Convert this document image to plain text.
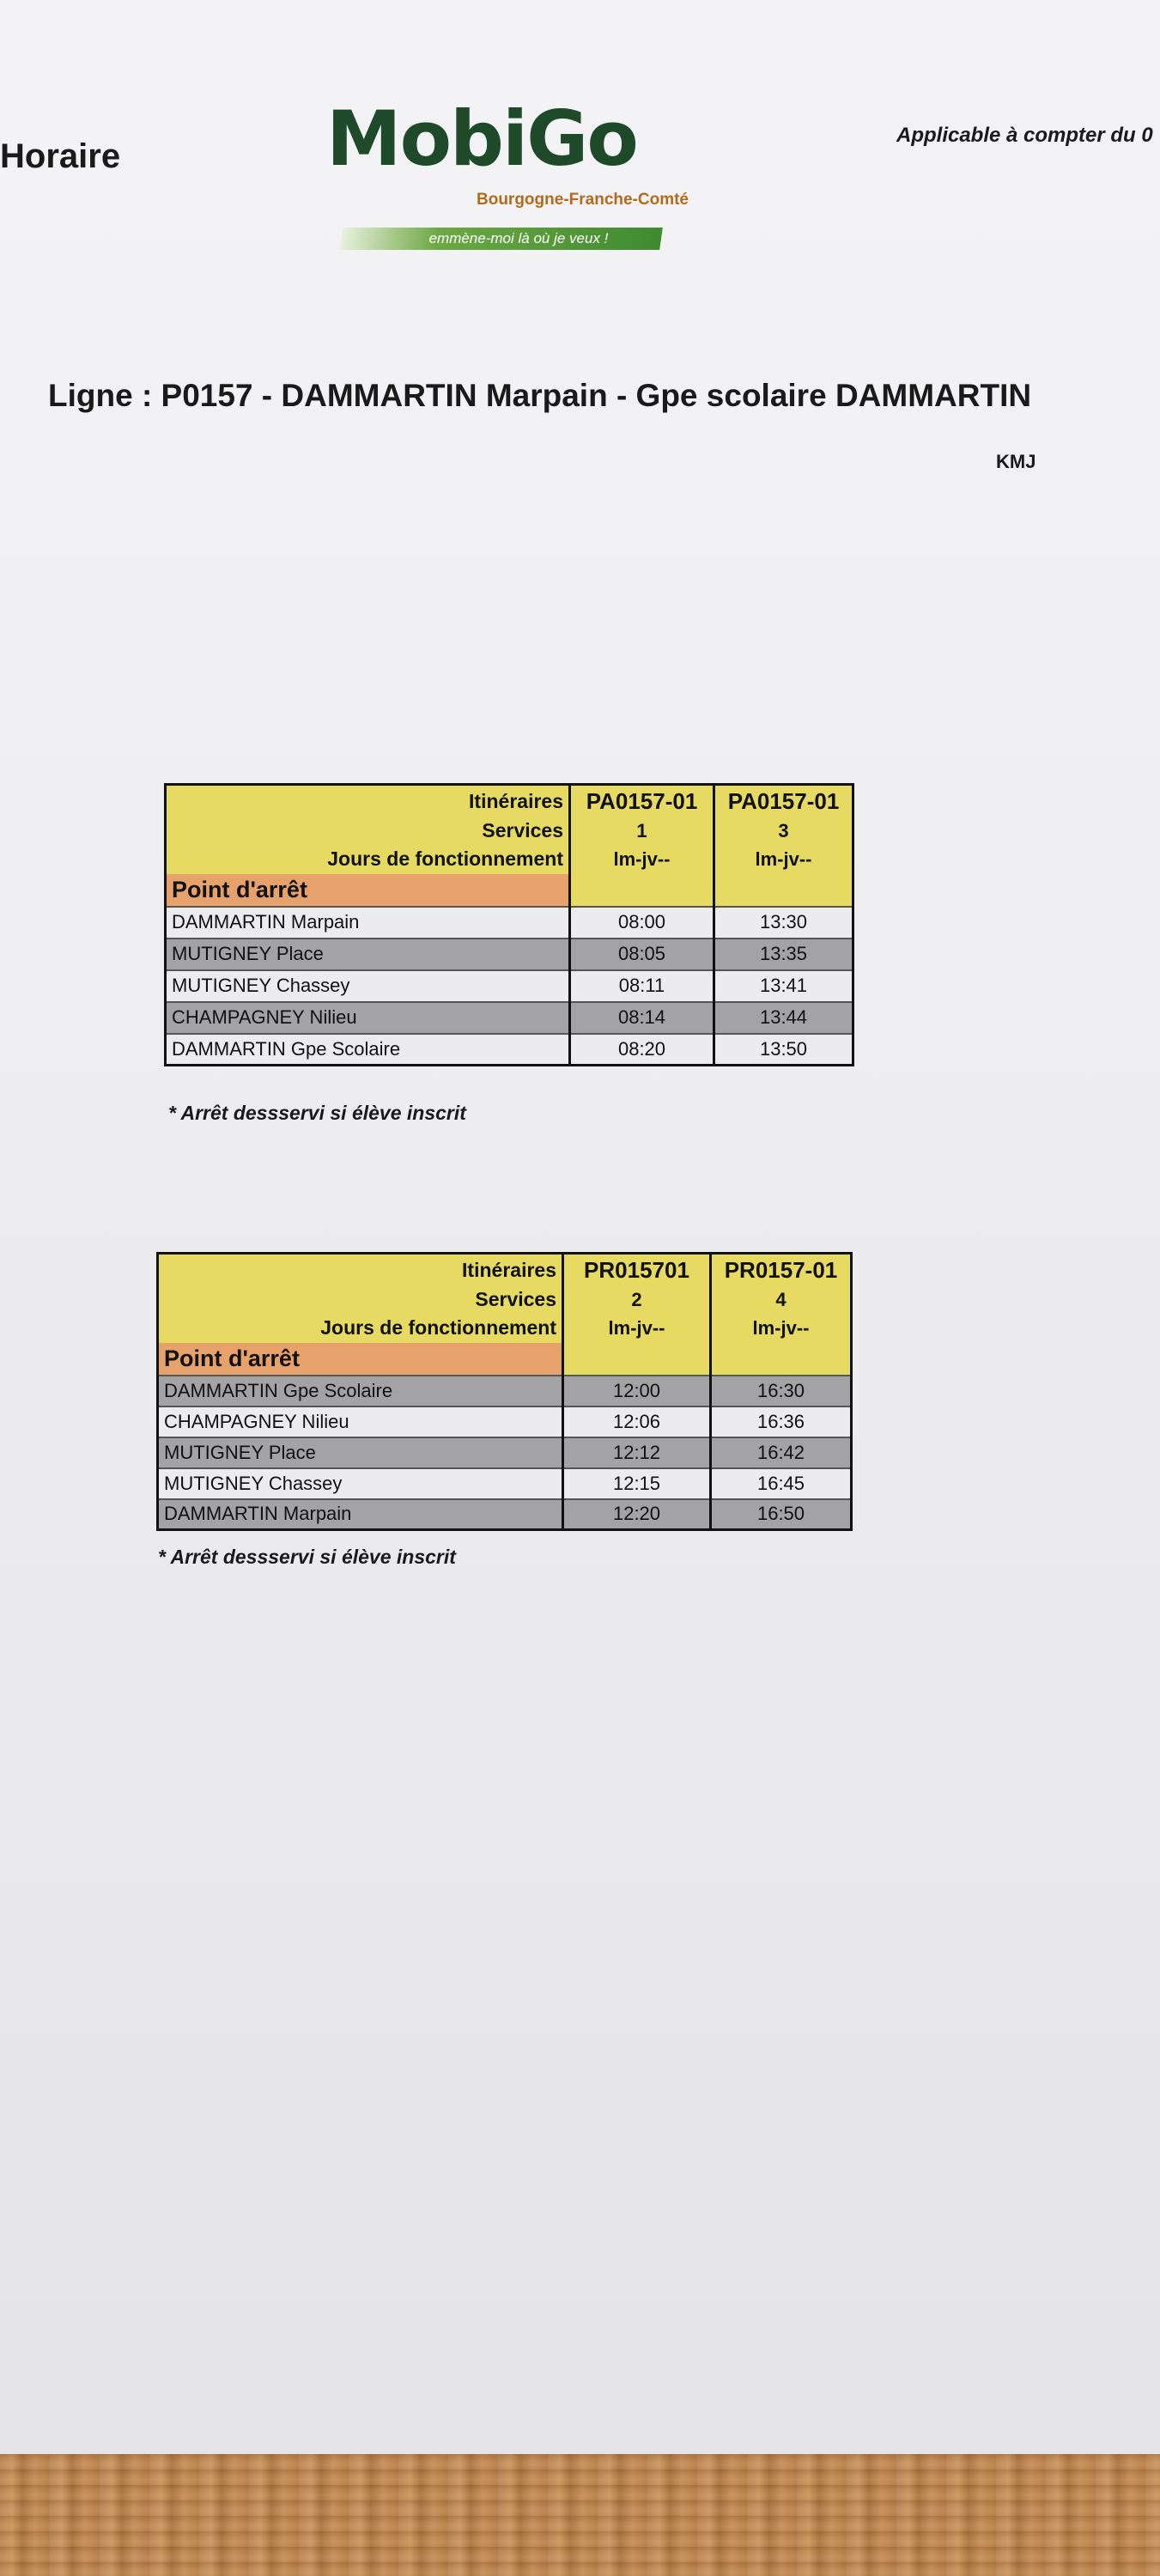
Horaire
Applicable à compter du 0
MobiGo
Bourgogne-Franche-Comté
emmène-moi là où je veux !
Ligne : P0157 - DAMMARTIN Marpain - Gpe scolaire DAMMARTIN
KMJ
Itinéraires	PA0157-01	PA0157-01
Services	1	3
Jours de fonctionnement	lm-jv--	lm-jv--
Point d'arrêt		
DAMMARTIN Marpain	08:00	13:30
MUTIGNEY Place	08:05	13:35
MUTIGNEY Chassey	08:11	13:41
CHAMPAGNEY Nilieu	08:14	13:44
DAMMARTIN Gpe Scolaire	08:20	13:50
* Arrêt dessservi si élève inscrit
Itinéraires	PR015701	PR0157-01
Services	2	4
Jours de fonctionnement	lm-jv--	lm-jv--
Point d'arrêt		
DAMMARTIN Gpe Scolaire	12:00	16:30
CHAMPAGNEY Nilieu	12:06	16:36
MUTIGNEY Place	12:12	16:42
MUTIGNEY Chassey	12:15	16:45
DAMMARTIN Marpain	12:20	16:50
* Arrêt dessservi si élève inscrit
